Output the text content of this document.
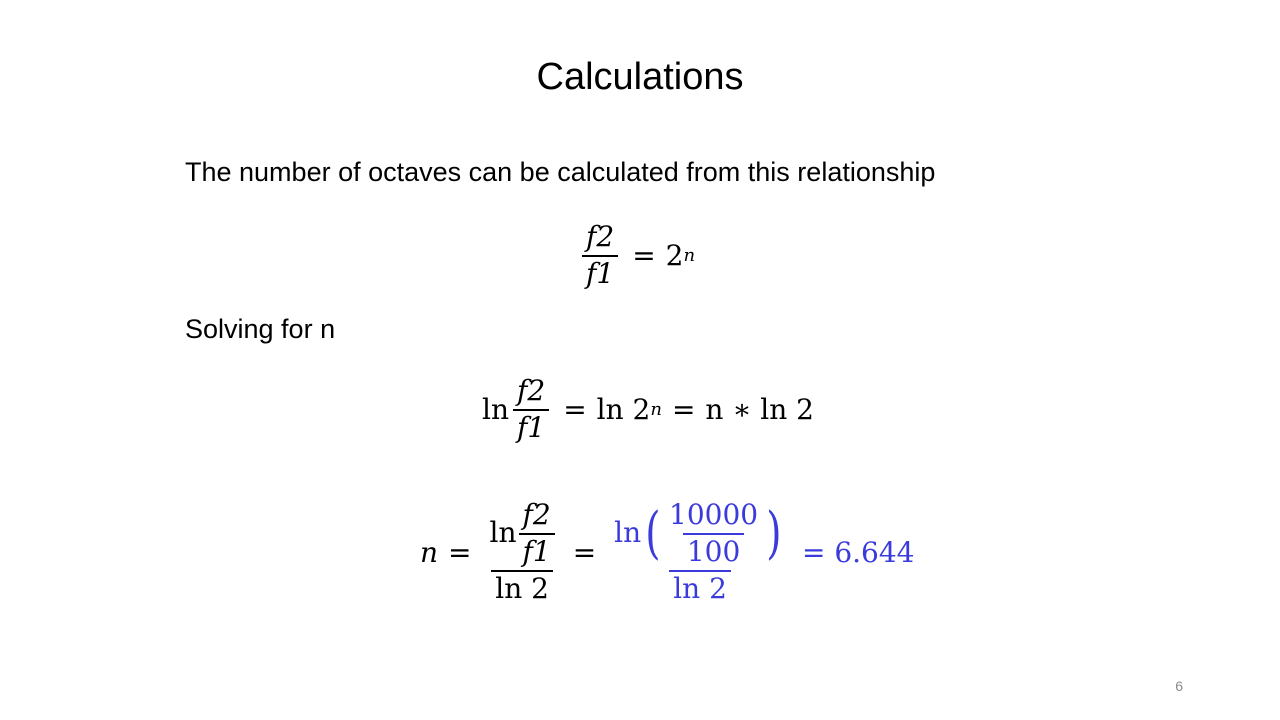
Calculations
The number of octaves can be calculated from this relationship
$\frac{f2}{f1} = 2$ n
Solving for n
$\ln \frac{f2}{f1} = \ln 2$ n = n ∗ ln 2
$n = \frac{\ln \frac{f2}{f1}}{\ln 2}$ =
ln ( $\frac{10000}{100}$ )
ln 2
= 6.644
6
